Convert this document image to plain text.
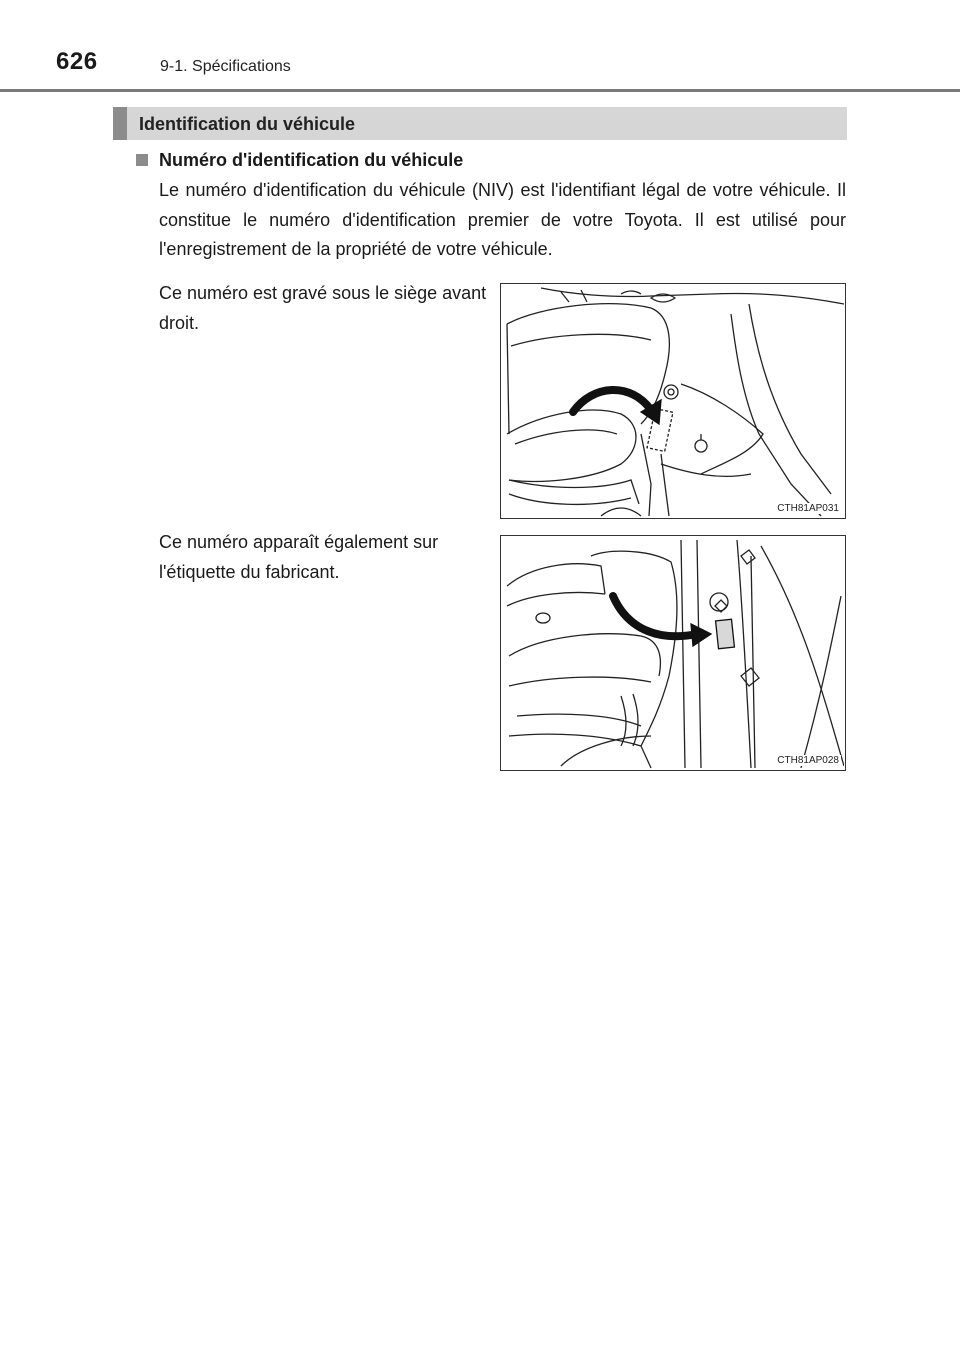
626	9-1. Spécifications
Identification du véhicule
Numéro d'identification du véhicule
Le numéro d'identification du véhicule (NIV) est l'identifiant légal de votre véhicule. Il constitue le numéro d'identification premier de votre Toyota. Il est utilisé pour l'enregistrement de la propriété de votre véhicule.
Ce numéro est gravé sous le siège avant droit.
Ce numéro apparaît également sur l'étiquette du fabricant.
CTH81AP031
CTH81AP028
